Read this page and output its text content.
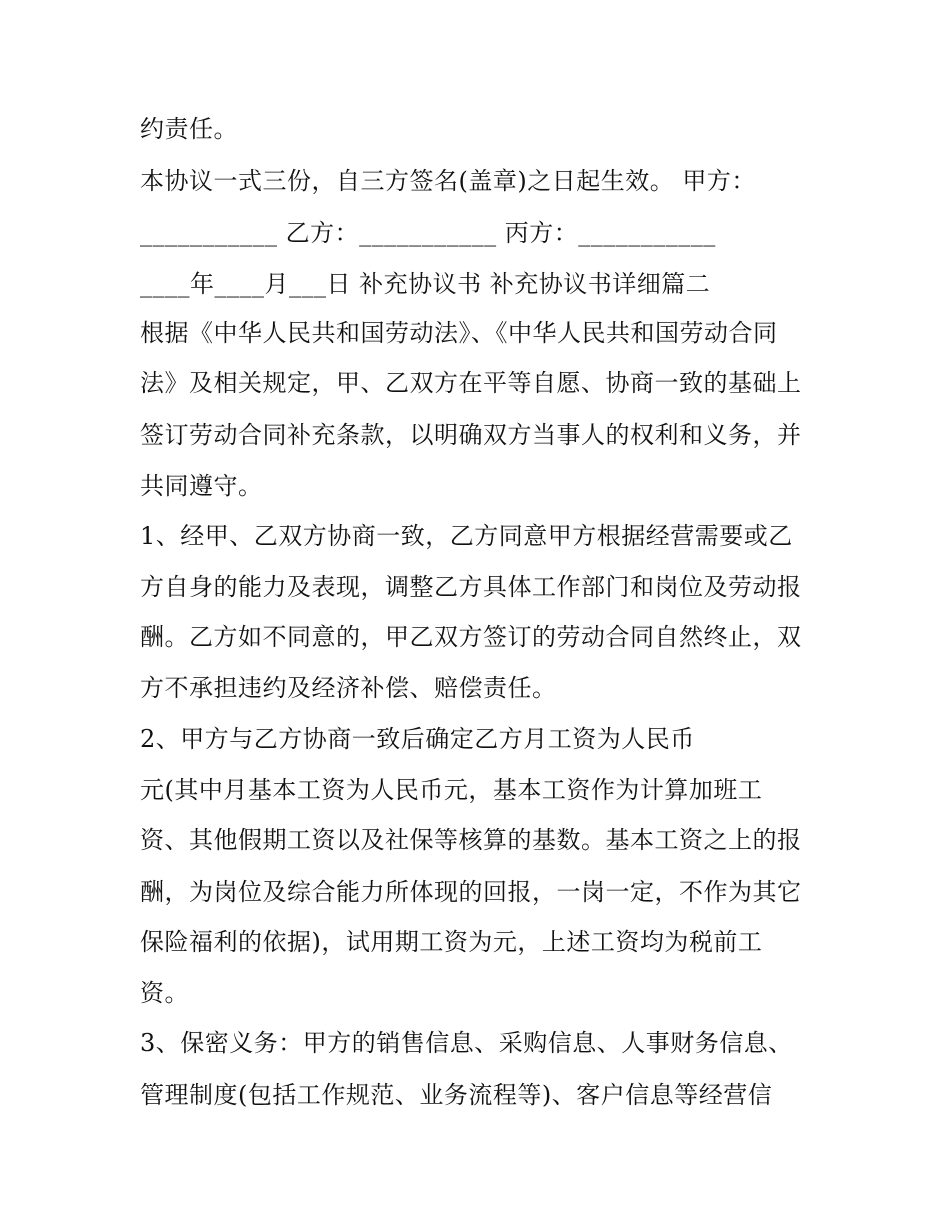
约责任。
本协议一式三份，自三方签名(盖章)之日起生效。 甲方：
___________ 乙方：___________ 丙方：___________
____年____月___日 补充协议书 补充协议书详细篇二
根据《中华人民共和国劳动法》、《中华人民共和国劳动合同
法》及相关规定，甲、乙双方在平等自愿、协商一致的基础上
签订劳动合同补充条款，以明确双方当事人的权利和义务，并
共同遵守。
1、经甲、乙双方协商一致，乙方同意甲方根据经营需要或乙
方自身的能力及表现，调整乙方具体工作部门和岗位及劳动报
酬。乙方如不同意的，甲乙双方签订的劳动合同自然终止，双
方不承担违约及经济补偿、赔偿责任。
2、甲方与乙方协商一致后确定乙方月工资为人民币
元(其中月基本工资为人民币元，基本工资作为计算加班工
资、其他假期工资以及社保等核算的基数。基本工资之上的报
酬，为岗位及综合能力所体现的回报，一岗一定，不作为其它
保险福利的依据)，试用期工资为元，上述工资均为税前工
资。
3、保密义务：甲方的销售信息、采购信息、人事财务信息、
管理制度(包括工作规范、业务流程等)、客户信息等经营信
